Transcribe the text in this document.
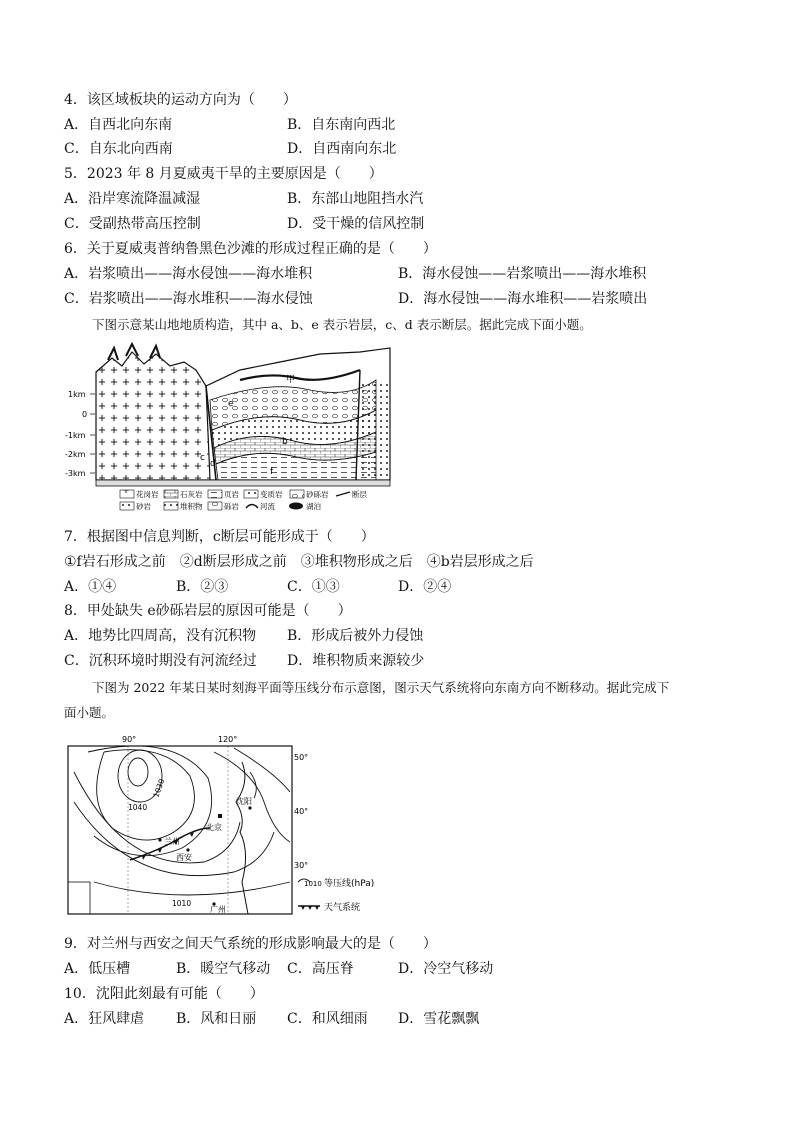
4．该区域板块的运动方向为（　　）
A．自西北向东南	B．自东南向西北
C．自东北向西南	D．自西南向东北
5．2023 年 8 月夏威夷干旱的主要原因是（　　）
A．沿岸寒流降温减湿	B．东部山地阻挡水汽
C．受副热带高压控制	D．受干燥的信风控制
6．关于夏威夷普纳鲁黑色沙滩的形成过程正确的是（　　）
A．岩浆喷出——海水侵蚀——海水堆积	B．海水侵蚀——岩浆喷出——海水堆积
C．岩浆喷出——海水堆积——海水侵蚀	D．海水侵蚀——海水堆积——岩浆喷出
下图示意某山地地质构造，其中 a、b、e 表示岩层，c、d 表示断层。据此完成下面小题。
1km
0
-1km
-2km
-3km
甲
b
c
d
e
f
花岗岩	石灰岩	页岩	变质岩	砂砾岩	断层
砂岩	堆积物	砾岩	河流	湖泊
7．根据图中信息判断，c断层可能形成于（　　）
①f岩石形成之前　②d断层形成之前　③堆积物形成之后　④b岩层形成之后
A．①④	B．②③	C．①③	D．②④
8．甲处缺失 e砂砾岩层的原因可能是（　　）
A．地势比四周高，没有沉积物 B．形成后被外力侵蚀
C．沉积环境时期没有河流经过 D．堆积物质来源较少
下图为 2022 年某日某时刻海平面等压线分布示意图，图示天气系统将向东南方向不断移动。据此完成下
面小题。
90°	120°
50°
40°
30°
1040
1030
1010
沈阳
北京
兰州
西安
广州
1010 等压线(hPa)
天气系统
9．对兰州与西安之间天气系统的形成影响最大的是（　　）
A．低压槽	B．暖空气移动 C．高压脊	D．冷空气移动
10．沈阳此刻最有可能（　　）
A．狂风肆虐 B．风和日丽 C．和风细雨 D．雪花飘飘
